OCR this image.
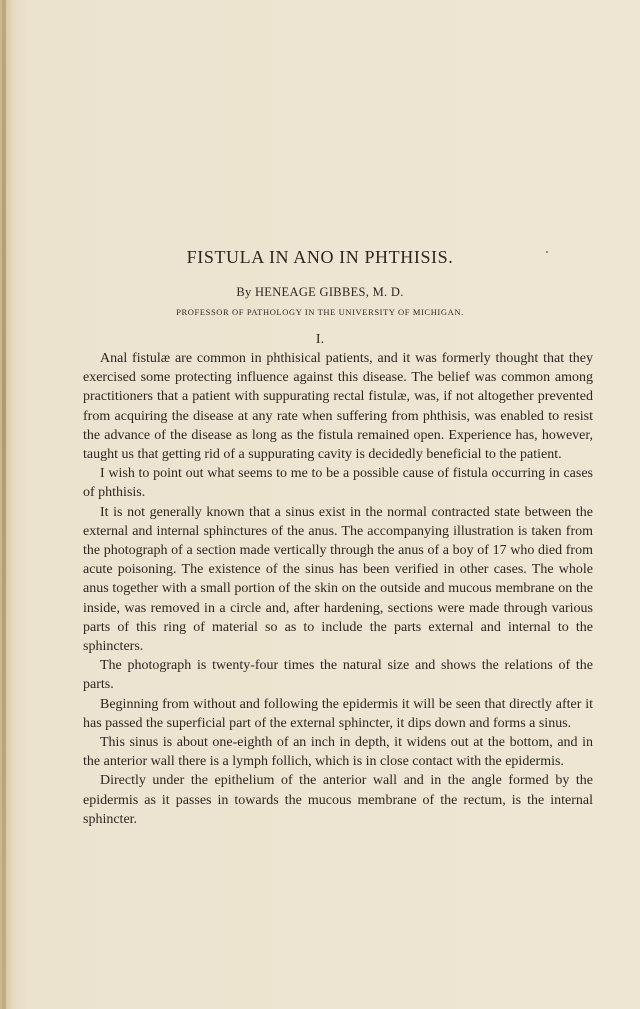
FISTULA IN ANO IN PHTHISIS.
By HENEAGE GIBBES, M. D.
PROFESSOR OF PATHOLOGY IN THE UNIVERSITY OF MICHIGAN.
I.

Anal fistulæ are common in phthisical patients, and it was formerly thought that they exercised some protecting influence against this disease. The belief was common among practitioners that a patient with suppurating rectal fistulæ, was, if not altogether prevented from acquiring the disease at any rate when suffering from phthisis, was enabled to resist the advance of the disease as long as the fistula remained open. Experience has, however, taught us that getting rid of a suppurating cavity is decidedly beneficial to the patient.

I wish to point out what seems to me to be a possible cause of fistula occurring in cases of phthisis.

It is not generally known that a sinus exist in the normal contracted state between the external and internal sphinctures of the anus. The accompanying illustration is taken from the photograph of a section made vertically through the anus of a boy of 17 who died from acute poisoning. The existence of the sinus has been verified in other cases. The whole anus together with a small portion of the skin on the outside and mucous membrane on the inside, was removed in a circle and, after hardening, sections were made through various parts of this ring of material so as to include the parts external and internal to the sphincters.

The photograph is twenty-four times the natural size and shows the relations of the parts.

Beginning from without and following the epidermis it will be seen that directly after it has passed the superficial part of the external sphincter, it dips down and forms a sinus.

This sinus is about one-eighth of an inch in depth, it widens out at the bottom, and in the anterior wall there is a lymph follich, which is in close contact with the epidermis.

Directly under the epithelium of the anterior wall and in the angle formed by the epidermis as it passes in towards the mucous membrane of the rectum, is the internal sphincter.
